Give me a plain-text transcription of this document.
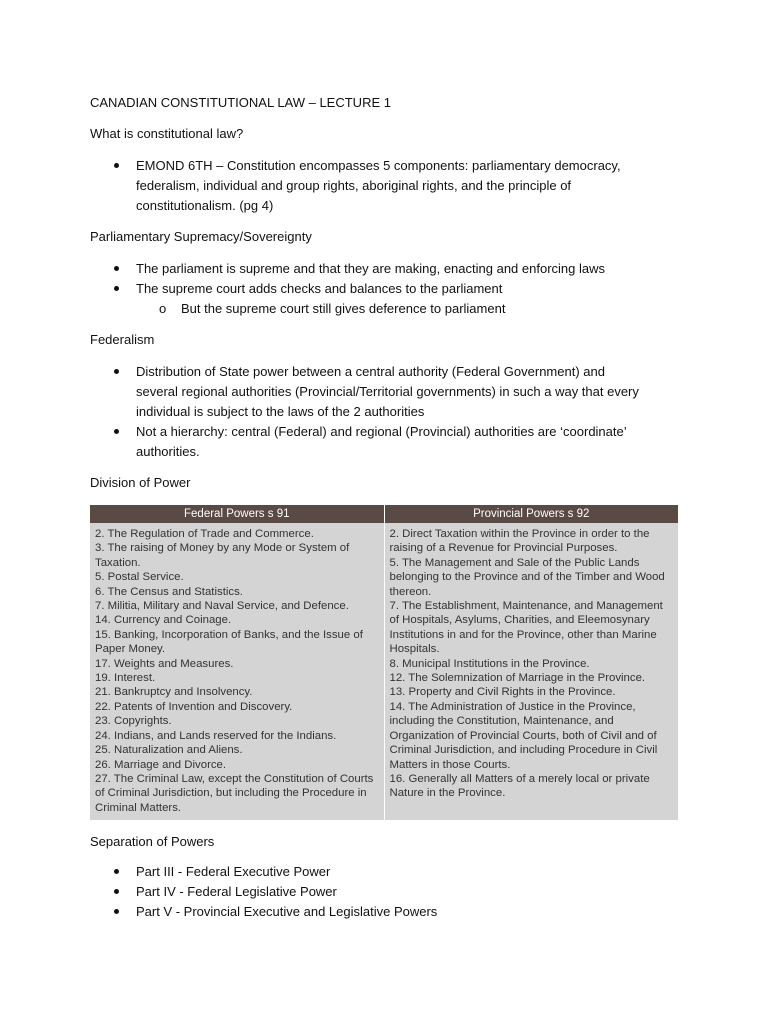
CANADIAN CONSTITUTIONAL LAW – LECTURE 1
What is constitutional law?
EMOND 6TH – Constitution encompasses 5 components: parliamentary democracy, federalism, individual and group rights, aboriginal rights, and the principle of constitutionalism. (pg 4)
Parliamentary Supremacy/Sovereignty
The parliament is supreme and that they are making, enacting and enforcing laws
The supreme court adds checks and balances to the parliament
o But the supreme court still gives deference to parliament
Federalism
Distribution of State power between a central authority (Federal Government) and several regional authorities (Provincial/Territorial governments) in such a way that every individual is subject to the laws of the 2 authorities
Not a hierarchy: central (Federal) and regional (Provincial) authorities are ‘coordinate’ authorities.
Division of Power
Federal Powers s 91	Provincial Powers s 92
2. The Regulation of Trade and Commerce.
3. The raising of Money by any Mode or System of Taxation.
5. Postal Service.
6. The Census and Statistics.
7. Militia, Military and Naval Service, and Defence.
14. Currency and Coinage.
15. Banking, Incorporation of Banks, and the Issue of Paper Money.
17. Weights and Measures.
19. Interest.
21. Bankruptcy and Insolvency.
22. Patents of Invention and Discovery.
23. Copyrights.
24. Indians, and Lands reserved for the Indians.
25. Naturalization and Aliens.
26. Marriage and Divorce.
27. The Criminal Law, except the Constitution of Courts of Criminal Jurisdiction, but including the Procedure in Criminal Matters.
2. Direct Taxation within the Province in order to the raising of a Revenue for Provincial Purposes.
5. The Management and Sale of the Public Lands belonging to the Province and of the Timber and Wood thereon.
7. The Establishment, Maintenance, and Management of Hospitals, Asylums, Charities, and Eleemosynary Institutions in and for the Province, other than Marine Hospitals.
8. Municipal Institutions in the Province.
12. The Solemnization of Marriage in the Province.
13. Property and Civil Rights in the Province.
14. The Administration of Justice in the Province, including the Constitution, Maintenance, and Organization of Provincial Courts, both of Civil and of Criminal Jurisdiction, and including Procedure in Civil Matters in those Courts.
16. Generally all Matters of a merely local or private Nature in the Province.
Separation of Powers
Part III - Federal Executive Power
Part IV - Federal Legislative Power
Part V - Provincial Executive and Legislative Powers
